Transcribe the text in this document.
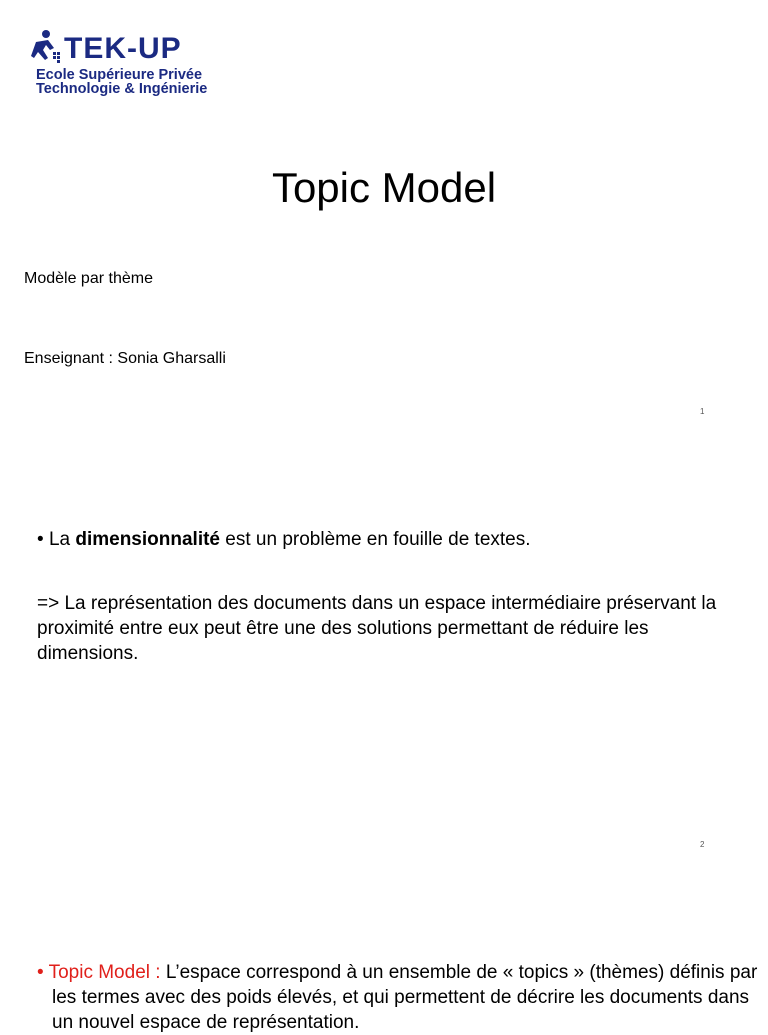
TEK-UP
Ecole Supérieure Privée
Technologie & Ingénierie
Topic Model
Modèle par thème
Enseignant : Sonia Gharsalli
1
• La dimensionnalité est un problème en fouille de textes.
=> La représentation des documents dans un espace intermédiaire préservant la proximité entre eux peut être une des solutions permettant de réduire les dimensions.
2
• Topic Model : L’espace correspond à un ensemble de « topics » (thèmes) définis par les termes avec des poids élevés, et qui permettent de décrire les documents dans un nouvel espace de représentation.
